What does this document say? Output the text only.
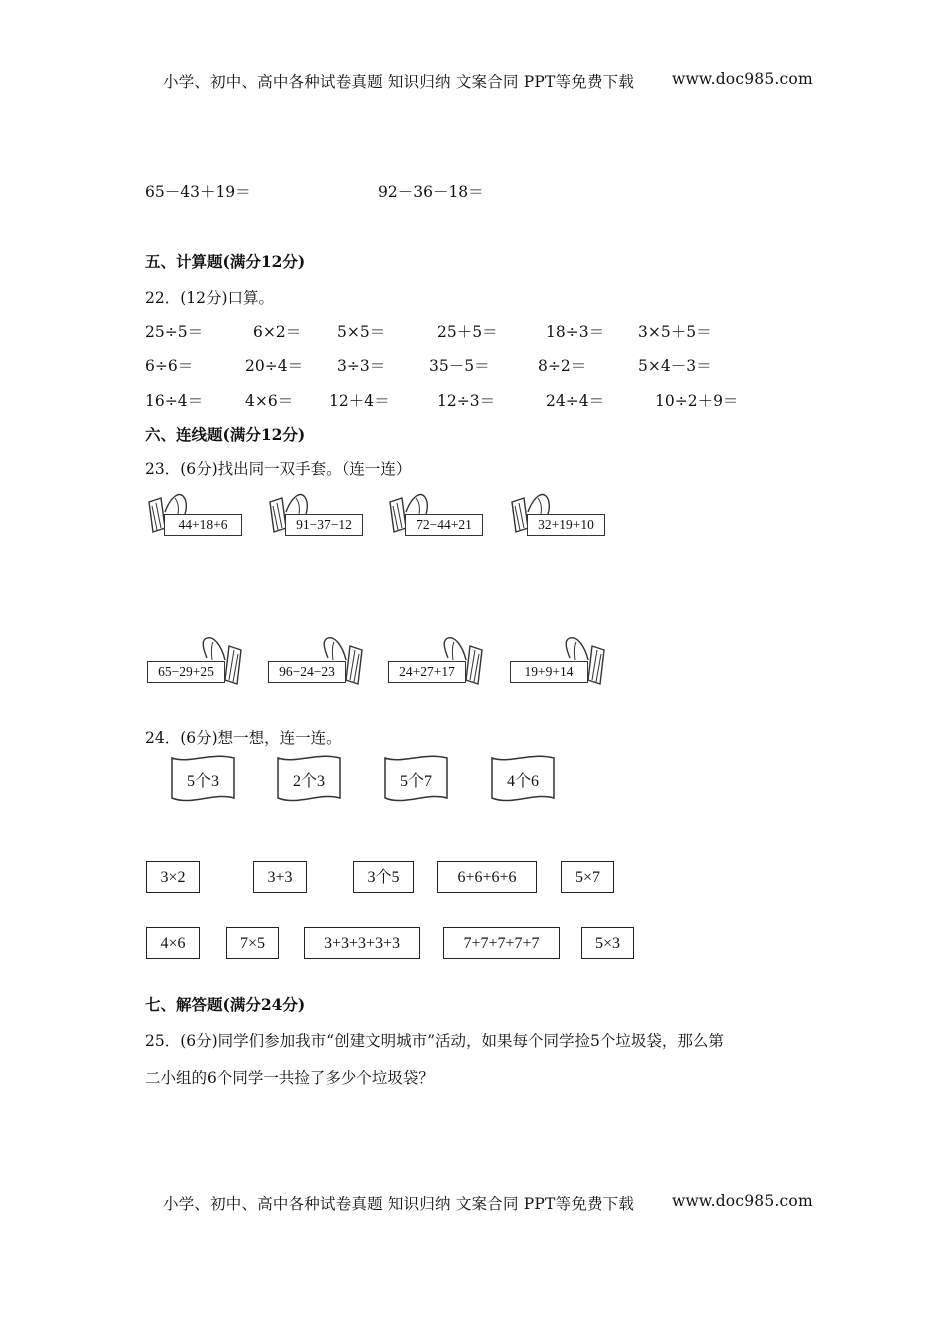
小学、初中、高中各种试卷真题 知识归纳 文案合同 PPT等免费下载 www.doc985.com
65－43＋19＝	92－36－18＝
五、计算题(满分12分)
22．(12分)口算。
25÷5＝	6×2＝ 5×5＝	25＋5＝	18÷3＝ 3×5＋5＝
6÷6＝	20÷4＝ 3÷3＝	35－5＝	8÷2＝	5×4－3＝
16÷4＝	4×6＝ 12＋4＝	12÷3＝	24÷4＝	10÷2＋9＝
六、连线题(满分12分)
23．(6分)找出同一双手套。（连一连）
44+18+6	91−37−12	72−44+21	32+19+10
65−29+25	96−24−23	24+27+17	19+9+14
24．(6分)想一想，连一连。
5个3	2个3	5个7	4个6
3×2	3+3	3个5	6+6+6+6	5×7
4×6	7×5	3+3+3+3+3	7+7+7+7+7	5×3
七、解答题(满分24分)
25．(6分)同学们参加我市“创建文明城市”活动，如果每个同学捡5个垃圾袋，那么第
二小组的6个同学一共捡了多少个垃圾袋？
小学、初中、高中各种试卷真题 知识归纳 文案合同 PPT等免费下载 www.doc985.com
